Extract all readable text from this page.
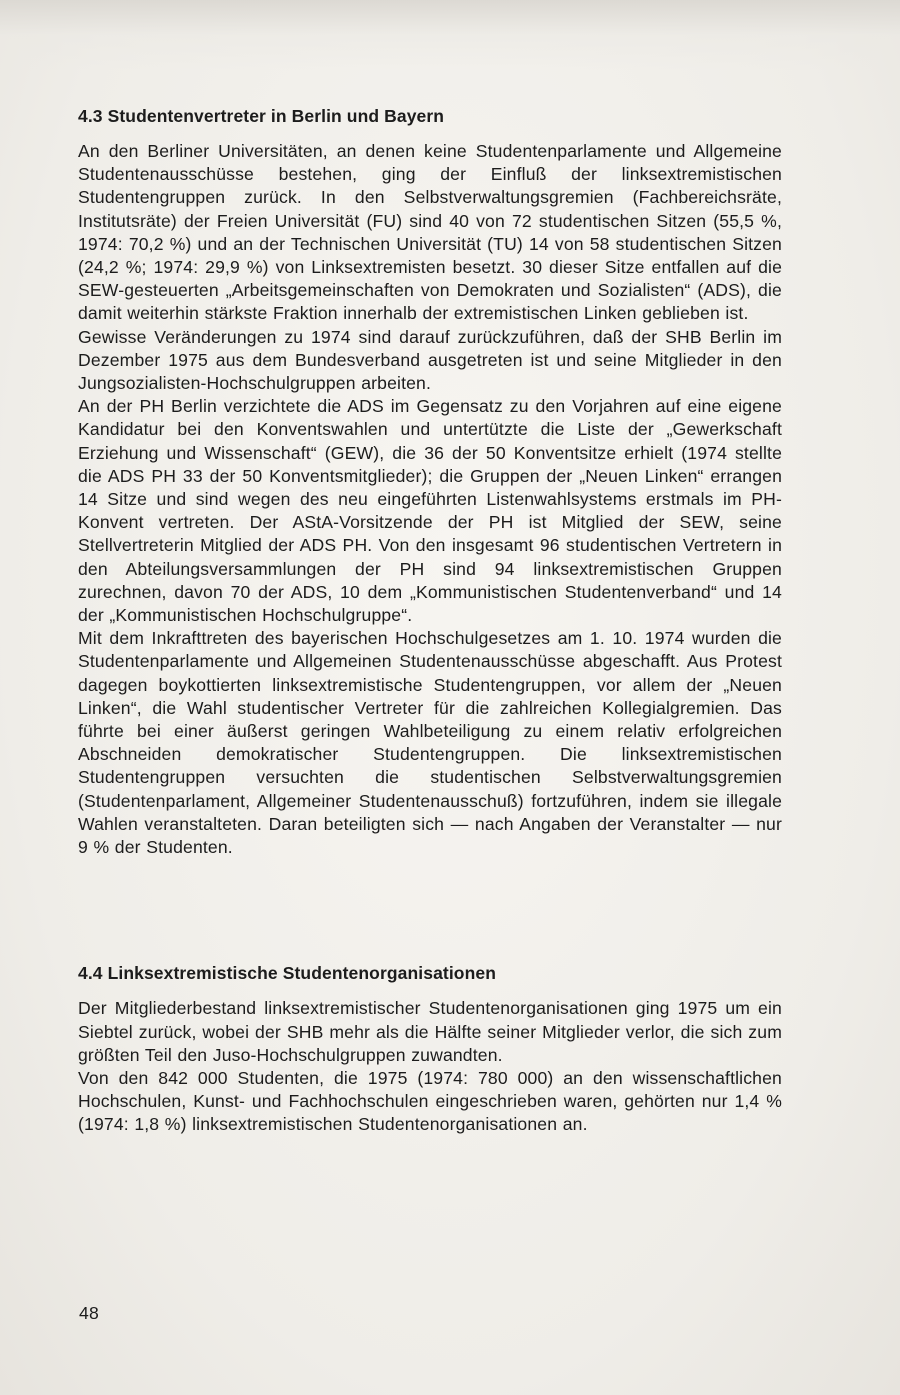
4.3 Studentenvertreter in Berlin und Bayern

An den Berliner Universitäten, an denen keine Studentenparlamente und Allgemeine Studentenausschüsse bestehen, ging der Einfluß der linksextremistischen Studentengruppen zurück. In den Selbstverwaltungsgremien (Fachbereichsräte, Institutsräte) der Freien Universität (FU) sind 40 von 72 studentischen Sitzen (55,5 %, 1974: 70,2 %) und an der Technischen Universität (TU) 14 von 58 studentischen Sitzen (24,2 %; 1974: 29,9 %) von Linksextremisten besetzt. 30 dieser Sitze entfallen auf die SEW-gesteuerten „Arbeitsgemeinschaften von Demokraten und Sozialisten“ (ADS), die damit weiterhin stärkste Fraktion innerhalb der extremistischen Linken geblieben ist.

Gewisse Veränderungen zu 1974 sind darauf zurückzuführen, daß der SHB Berlin im Dezember 1975 aus dem Bundesverband ausgetreten ist und seine Mitglieder in den Jungsozialisten-Hochschulgruppen arbeiten.

An der PH Berlin verzichtete die ADS im Gegensatz zu den Vorjahren auf eine eigene Kandidatur bei den Konventswahlen und untertützte die Liste der „Gewerkschaft Erziehung und Wissenschaft“ (GEW), die 36 der 50 Konventsitze erhielt (1974 stellte die ADS PH 33 der 50 Konventsmitglieder); die Gruppen der „Neuen Linken“ errangen 14 Sitze und sind wegen des neu eingeführten Listenwahlsystems erstmals im PH-Konvent vertreten. Der AStA-Vorsitzende der PH ist Mitglied der SEW, seine Stellvertreterin Mitglied der ADS PH. Von den insgesamt 96 studentischen Vertretern in den Abteilungsversammlungen der PH sind 94 linksextremistischen Gruppen zurechnen, davon 70 der ADS, 10 dem „Kommunistischen Studentenverband“ und 14 der „Kommunistischen Hochschulgruppe“.

Mit dem Inkrafttreten des bayerischen Hochschulgesetzes am 1. 10. 1974 wurden die Studentenparlamente und Allgemeinen Studentenausschüsse abgeschafft. Aus Protest dagegen boykottierten linksextremistische Studentengruppen, vor allem der „Neuen Linken“, die Wahl studentischer Vertreter für die zahlreichen Kollegialgremien. Das führte bei einer äußerst geringen Wahlbeteiligung zu einem relativ erfolgreichen Abschneiden demokratischer Studentengruppen. Die linksextremistischen Studentengruppen versuchten die studentischen Selbstverwaltungsgremien (Studentenparlament, Allgemeiner Studentenausschuß) fortzuführen, indem sie illegale Wahlen veranstalteten. Daran beteiligten sich — nach Angaben der Veranstalter — nur 9 % der Studenten.

4.4 Linksextremistische Studentenorganisationen

Der Mitgliederbestand linksextremistischer Studentenorganisationen ging 1975 um ein Siebtel zurück, wobei der SHB mehr als die Hälfte seiner Mitglieder verlor, die sich zum größten Teil den Juso-Hochschulgruppen zuwandten.

Von den 842 000 Studenten, die 1975 (1974: 780 000) an den wissenschaftlichen Hochschulen, Kunst- und Fachhochschulen eingeschrieben waren, gehörten nur 1,4 % (1974: 1,8 %) linksextremistischen Studentenorganisationen an.

48
